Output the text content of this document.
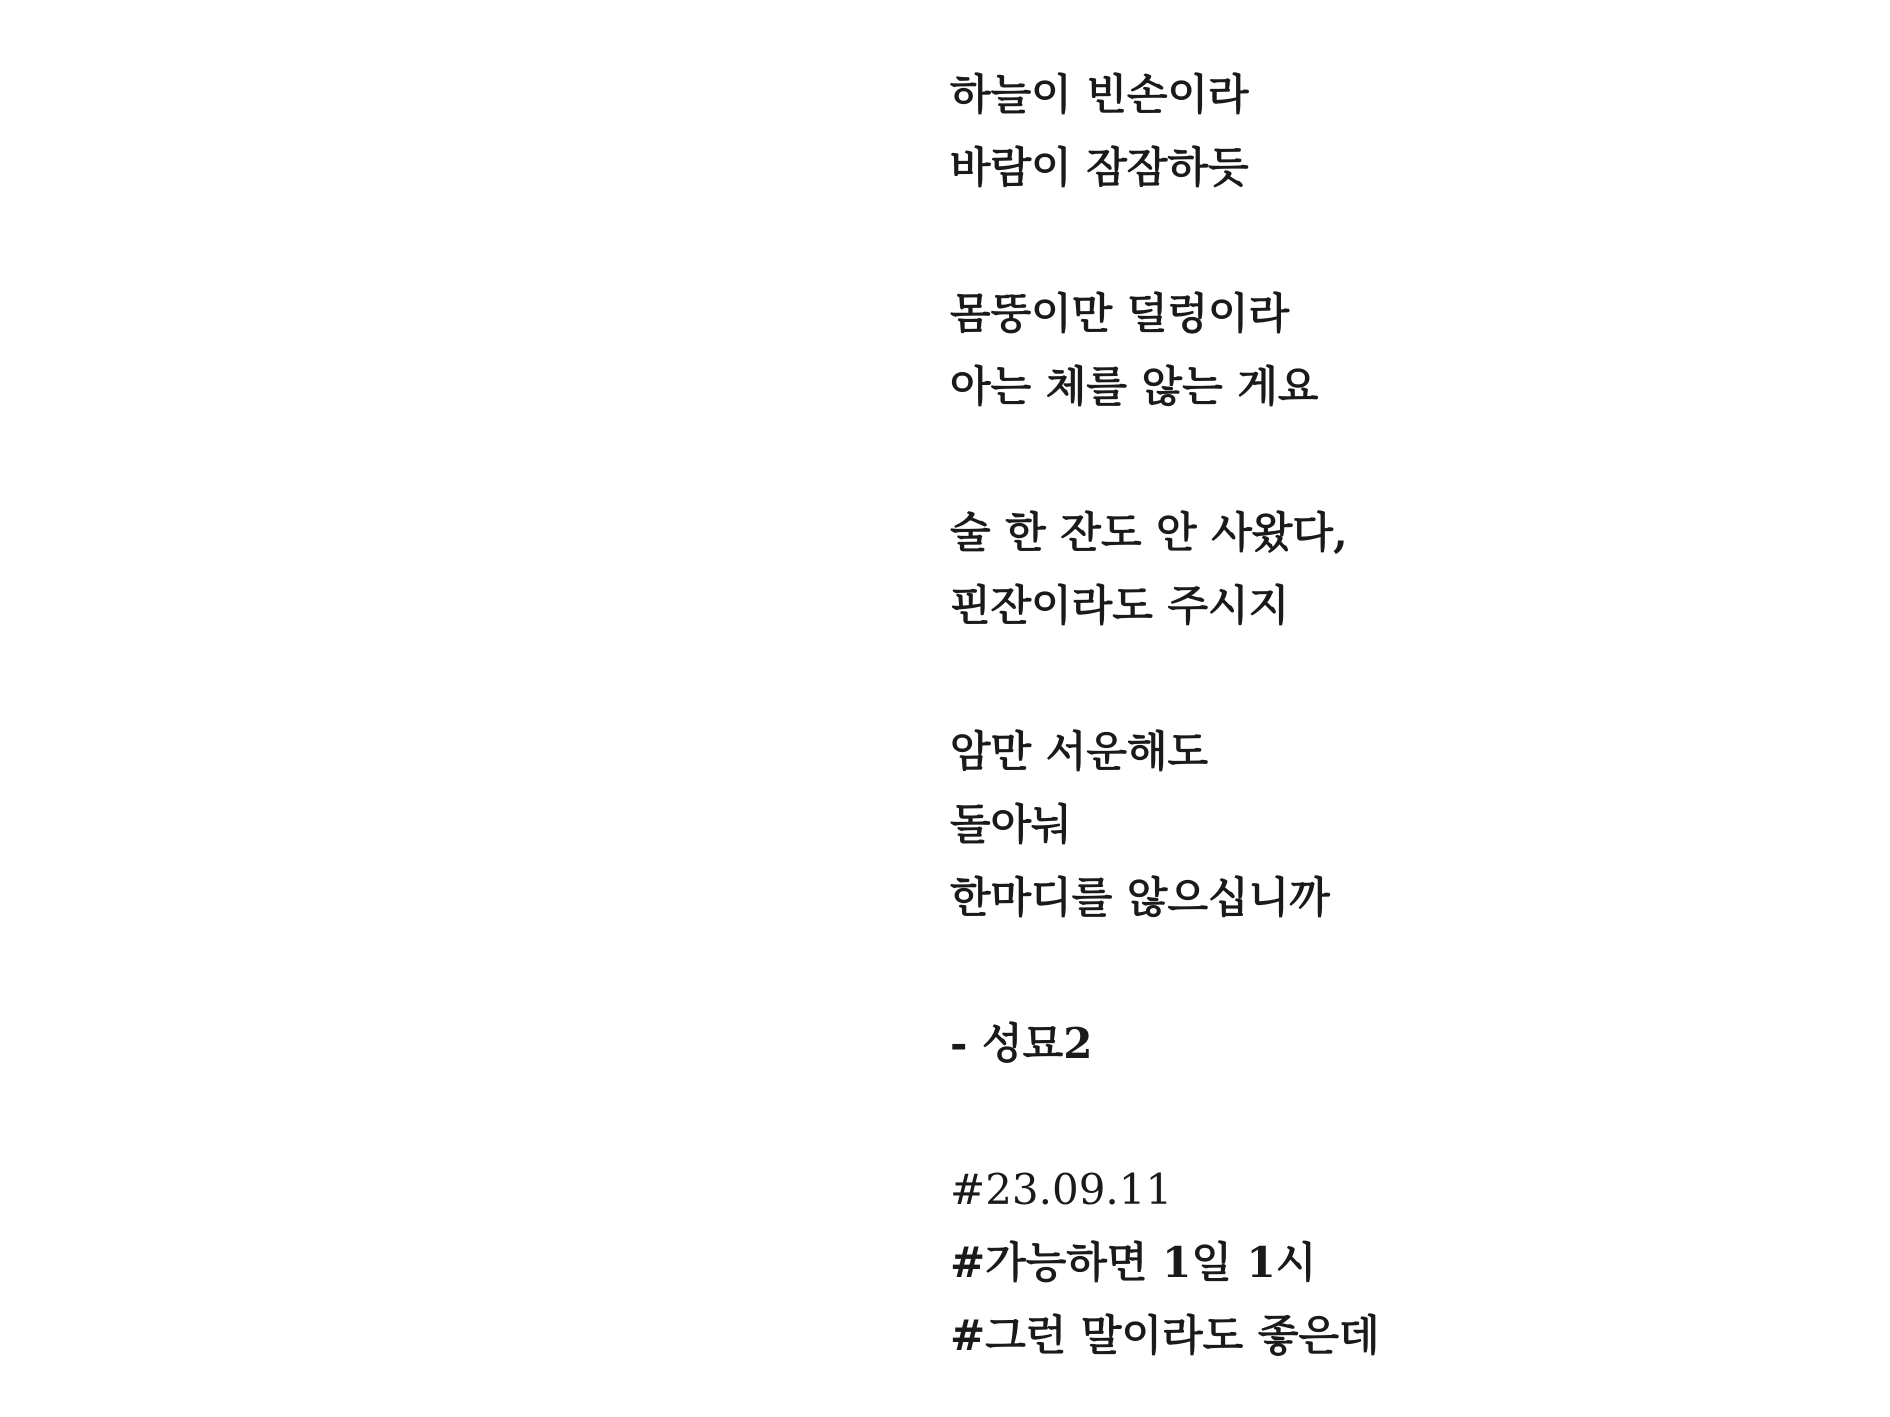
하늘이 빈손이라
바람이 잠잠하듯
몸뚱이만 덜렁이라
아는 체를 않는 게요
술 한 잔도 안 사왔다,
핀잔이라도 주시지
암만 서운해도
돌아눠
한마디를 않으십니까
- 성묘2
#23.09.11
#가능하면 1일 1시
#그런 말이라도 좋은데
